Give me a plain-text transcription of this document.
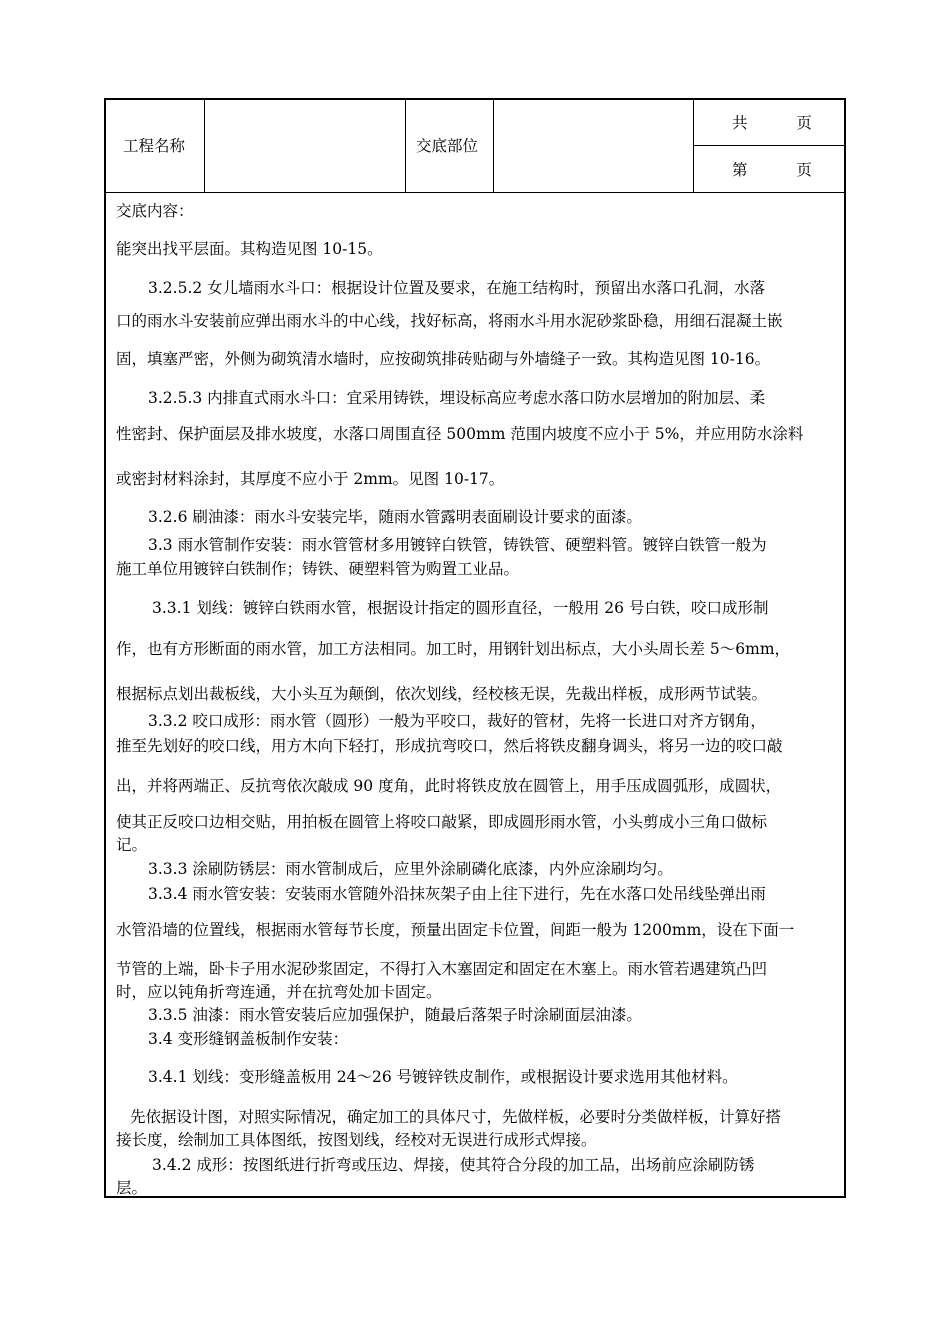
工程名称	交底部位
共 页
第 页
交底内容：
能突出找平层面。其构造见图 10-15。
3.2.5.2 女儿墙雨水斗口：根据设计位置及要求，在施工结构时，预留出水落口孔洞，水落
口的雨水斗安装前应弹出雨水斗的中心线，找好标高，将雨水斗用水泥砂浆卧稳，用细石混凝土嵌
固，填塞严密，外侧为砌筑清水墙时，应按砌筑排砖贴砌与外墙缝子一致。其构造见图 10-16。
3.2.5.3 内排直式雨水斗口：宜采用铸铁，埋设标高应考虑水落口防水层增加的附加层、柔
性密封、保护面层及排水坡度，水落口周围直径 500mm 范围内坡度不应小于 5%，并应用防水涂料
或密封材料涂封，其厚度不应小于 2mm。见图 10-17。
3.2.6 刷油漆：雨水斗安装完毕，随雨水管露明表面刷设计要求的面漆。
3.3 雨水管制作安装：雨水管管材多用镀锌白铁管，铸铁管、硬塑料管。镀锌白铁管一般为
施工单位用镀锌白铁制作；铸铁、硬塑料管为购置工业品。
3.3.1 划线：镀锌白铁雨水管，根据设计指定的圆形直径，一般用 26 号白铁，咬口成形制
作，也有方形断面的雨水管，加工方法相同。加工时，用钢针划出标点，大小头周长差 5～6mm，
根据标点划出裁板线，大小头互为颠倒，依次划线，经校核无误，先裁出样板，成形两节试装。
3.3.2 咬口成形：雨水管（圆形）一般为平咬口，裁好的管材，先将一长进口对齐方钢角，
推至先划好的咬口线，用方木向下轻打，形成抗弯咬口，然后将铁皮翻身调头，将另一边的咬口敲
出，并将两端正、反抗弯依次敲成 90 度角，此时将铁皮放在圆管上，用手压成圆弧形，成圆状，
使其正反咬口边相交贴，用拍板在圆管上将咬口敲紧，即成圆形雨水管，小头剪成小三角口做标
记。
3.3.3 涂刷防锈层：雨水管制成后，应里外涂刷磷化底漆，内外应涂刷均匀。
3.3.4 雨水管安装：安装雨水管随外沿抹灰架子由上往下进行，先在水落口处吊线坠弹出雨
水管沿墙的位置线，根据雨水管每节长度，预量出固定卡位置，间距一般为 1200mm，设在下面一
节管的上端，卧卡子用水泥砂浆固定，不得打入木塞固定和固定在木塞上。雨水管若遇建筑凸凹
时，应以钝角折弯连通，并在抗弯处加卡固定。
3.3.5 油漆：雨水管安装后应加强保护，随最后落架子时涂刷面层油漆。
3.4 变形缝钢盖板制作安装：
3.4.1 划线：变形缝盖板用 24～26 号镀锌铁皮制作，或根据设计要求选用其他材料。
先依据设计图，对照实际情况，确定加工的具体尺寸，先做样板，必要时分类做样板，计算好搭
接长度，绘制加工具体图纸，按图划线，经校对无误进行成形式焊接。
3.4.2 成形：按图纸进行折弯或压边、焊接，使其符合分段的加工品，出场前应涂刷防锈
层。
